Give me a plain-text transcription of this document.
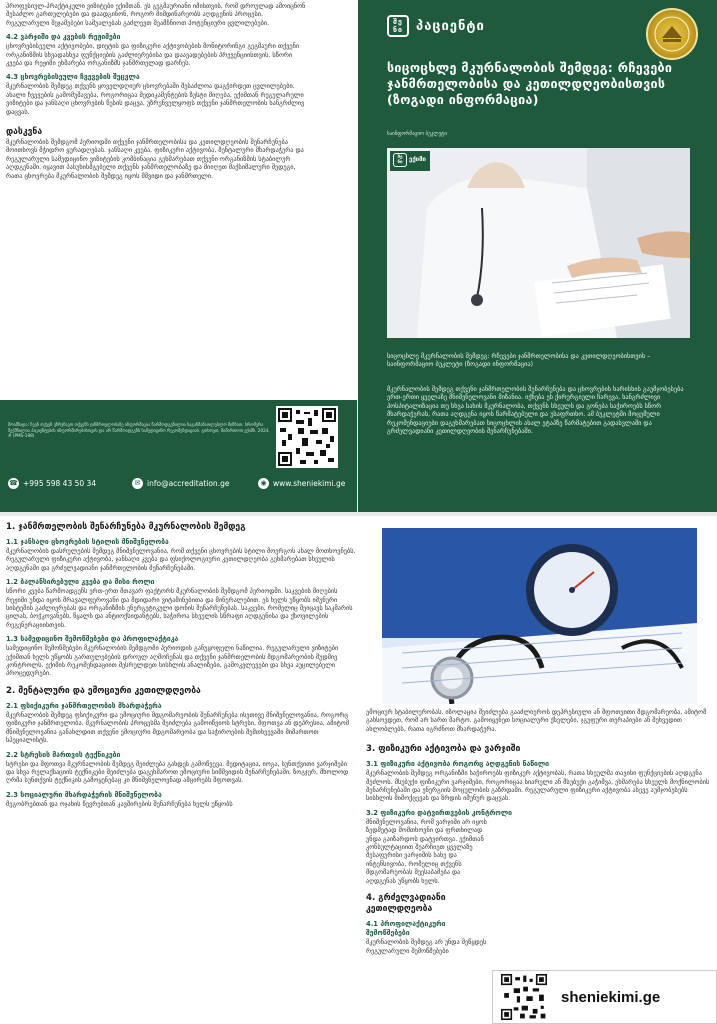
პროფესიულ-პრაქტიკული ვიზიტები ექიმთან. ეს გეგმაურიანი იმისთვის, რომ დროულად ამოიცნონ შესაძლო გართულებები და დაადგინონ, როგორ მიმდინარეობს აღდგენის პროცესი. რეგულარული შეჯამებები საშუალებას გაძლევთ შეამჩნიოთ პოტენციური ცვლილებები.

4.2 ვარჯიში და კვების რეჟიმები

ცხოვრებისეული აქტივობები, დიეტის და ფიზიკური აქტივობების მონიტორინგი გეგმაური თქვენი ორგანიზმის სხვადასხვა ფუნქციების გაძლიერებისა და დაავადებების პრევენციისთვის. სწორი კვება და რეჟიმი ეხმარება ორგანიზმს ჯანმრთელად დარჩეს.

4.3 ცხოვრებისეული ჩვევების შეცვლა

მკურნალობის შემდეგ თქვენს ყოველდღიურ ცხოვრებაში შესაძლოა დაგჭირდეთ ცვლილებები. ახალი ჩვევების გამომუშავება, როგორიცაა მედიკამენტების ზუსტი მიღება, ექიმთან რეგულარული ვიზიტები და ჯანსაღი ცხოვრების წესის დაცვა, უზრუნველყოფს თქვენი ჯანმრთელობის ხანგრძლივ დაცვას.

დასკვნა

მკურნალობის შემდგომ პერიოდში თქვენი ჯანმრთელობისა და კეთილდღეობის შენარჩუნება მოითხოვს მჭიდრო ყურადღებას. ჯანსაღი კვება, ფიზიკური აქტივობა, მენტალური მხარდაჭერა და რეგულარული სამედიცინო ვიზიტების კომბინაცია გეხმარებათ თქვენი ორგანიზმის სტაბილურ აღდგენაში. იყავით პასუხისმგებელი თქვენს ჯანმრთელობაზე და მიიღეთ მაქსიმალური შედეგი, რათა ცხოვრება მკურნალობის შემდეგ იყოს მშვიდი და ჯანმრთელი.

მოამზადა: ჩვენ თქვენ ვზრუნავთ თქვენს ჯანმრთელობაზე ინფორმაცია წარმოდგენილია საგანმანათლებლო მიზნით. ბროშურა შექმნილია პაციენტების ინფორმირებისთვის და არ წარმოადგენს სამედიცინო რეკომენდაციას. გთხოვთ, მიმართოთ ექიმს. 2024. # (PMS-198)
☎ +995 598 43 50 34	✉ info@accreditation.ge	◉ www.sheniekimi.ge
შე
ნი	პაციენტი
სიცოცხლე მკურნალობის შემდეგ: რჩევები ჯანმრთელობისა და კეთილდღეობისთვის (ზოგადი ინფორმაცია)
საინფორმაციო ბუკლეტი
შე
ნი	ექიმი
სიცოცხლე მკურნალობის შემდეგ: რჩევები ჯანმრთელობისა და კეთილდღეობისთვის – საინფორმაციო ბუკლეტი (ზოგადი ინფორმაცია)
მკურნალობის შემდეგ თქვენი ჯანმრთელობის შენარჩუნება და ცხოვრების ხარისხის გაუმჯობესება ერთ-ერთი ყველაზე მნიშვნელოვანი მიზანია. იქნება ეს ქირურგიული ჩარევა, ხანგრძლივი ჰოსპიტალიზაცია თუ სხვა სახის მკურნალობა, თქვენს სხეულს და გონება საჭიროებს სწორ მხარდაჭერას, რათა აღდგენა იყოს წარმატებული და უსაფრთხო. ამ ბუკლეტში მოცემული რეკომენდაციები დაგეხმარებათ სიცოცხლის ახალ ეტაპზე წარმატებით გადასვლაში და გრძელვადიანი კეთილდღეობის შენარჩუნებაში.
1. ჯანმრთელობის შენარჩუნება მკურნალობის შემდეგ
1.1 ჯანსაღი ცხოვრების სტილის მნიშვნელობა

მკურნალობის დასრულების შემდეგ მნიშვნელოვანია, რომ თქვენი ცხოვრების სტილი მოერგოს ახალ მოთხოვნებს. რეგულარული ფიზიკური აქტივობა, ჯანსაღი კვება და ფსიქოლოგიური კეთილდღეობა გეხმარებათ სხეულის აღდგენაში და გრძელვადიანი ჯანმრთელობის შენარჩუნებაში.

1.2 ბალანსირებული კვება და მისი როლი

სწორი კვება წარმოადგენს ერთ-ერთ მთავარ ფაქტორს მკურნალობის შემდგომ პერიოდში. საკვების მიღების რეჟიმი უნდა იყოს მრავალფეროვანი და მდიდარი ვიტამინებითა და მინერალებით. ეს ხელს უწყობს იმუნური სისტემის გაძლიერებას და ორგანიზმის ენერგეტიკული დონის შენარჩუნებას. საკვები, რომელიც შეიცავს საკმარის ცილას, ბოჭკოვანებს, წყალს და ანტიოქსიდანტებს, საჭიროა სხეულის სწრაფი აღდგენისა და ქსოვილების რეგენერაციისთვის.

1.3 სამედიცინო შემოწმებები და პროფილაქტიკა

სამედიცინო შემოწმებები მკურნალობის შემდგომი პერიოდის განუყოფელი ნაწილია. რეგულარული ვიზიტები ექიმთან ხელს უწყობს გართულებების დროულ აღმოჩენას და თქვენი ჯანმრთელობის მდგომარეობის მუდმივ კონტროლს. ექიმის რეკომენდაციით შესრულდეთ სისხლის ანალიზები, გამოკვლევები და სხვა აუცილებელი პროცედურები.

2. მენტალური და ემოციური კეთილდღეობა
2.1 ფსიქიკური ჯანმრთელობის მხარდაჭერა

მკურნალობის შემდეგ ფსიქიკური და ემოციური მდგომარეობის შენარჩუნება ისეთივე მნიშვნელოვანია, როგორც ფიზიკური ჯანმრთელობა. მკურნალობის პროცესმა შეიძლება გამოიწვიოს სტრესი, შფოთვა ან დეპრესია, ამიტომ მნიშვნელოვანია განახლდით თქვენი ემოციური მდგომარეობა და საჭიროების შემთხვევაში მიმართოთ სპეციალისტს.

2.2 სტრესის მართვის ტექნიკები

სტრესი და შფოთვა მკურნალობის შემდეგ შეიძლება გახდეს გამოწვევა. მედიტაცია, იოგა, სუნთქვითი ვარჯიშები და სხვა რელაქსაციის ტექნიკები შეიძლება დაგეხმაროთ ემოციური სიმშვიდის შენარჩუნებაში. ზოგჯერ, მხოლოდ ღრმა სუნთქვის ტექნიკის გამოყენებაც კი მნიშვნელოვნად ამცირებს შფოთვას.

2.3 სოციალური მხარდაჭერის მნიშვნელობა

მეგობრებთან და ოჯახის წევრებთან კავშირების შენარჩუნება ხელს უწყობს

ემოციურ სტაბილურობას. იზოლაცია შეიძლება გააძლიეროს დეპრესიული ან შფოთვითი მდგომარეობა, ამიტომ გახსოვდეთ, რომ არ ხართ მარტო. გამოიყენეთ სოციალური ქსელები, ჯგუფური თერაპიები ან შეხვედით ახლობლებს, რათა იგრძნოთ მხარდაჭერა.

3. ფიზიკური აქტივობა და ვარჯიში
3.1 ფიზიკური აქტივობა როგორც აღდგენის ნაწილი

მკურნალობის შემდეგ ორგანიზმი საჭიროებს ფიზიკურ აქტივობას, რათა სხეულმა თავისი ფუნქციების აღდგენა შეძლოს. მსუბუქი ფიზიკური ვარჯიშები, როგორიცაა სიარული ან მსუბუქი გაჭიმვა, ეხმარება სხეულს მოქნილობის შენარჩუნებაში და ენერგიის მოცულობის გაზრდაში. რეგულარული ფიზიკური აქტივობა ასევე აუმჯობესებს სისხლის მიმოქცევას და ზრდის იმუნურ დაცვას.

3.2 ფიზიკური დატვირთვების კონტროლი

მნიშვნელოვანია, რომ ვარჯიში არ იყოს ზედმეტად მომთხოვნი და ფრთხილად უნდა გაიზარდოს დატვირთვა. ექიმთან კონსულტაციით შეარჩიეთ ყველაზე შესაფერისი ვარჯიშის სახე და ინტენსივობა, რომელიც თქვენს მდგომარეობას შეესაბამება და აღდგენას უწყობს ხელს.

4. გრძელვადიანი კეთილდღეობა
4.1 პროფილაქტიკური შემოწმებები

მკურნალობის შემდეგ არ უნდა შეწყდეს რეგულარული შემოწმებები

sheniekimi.ge
